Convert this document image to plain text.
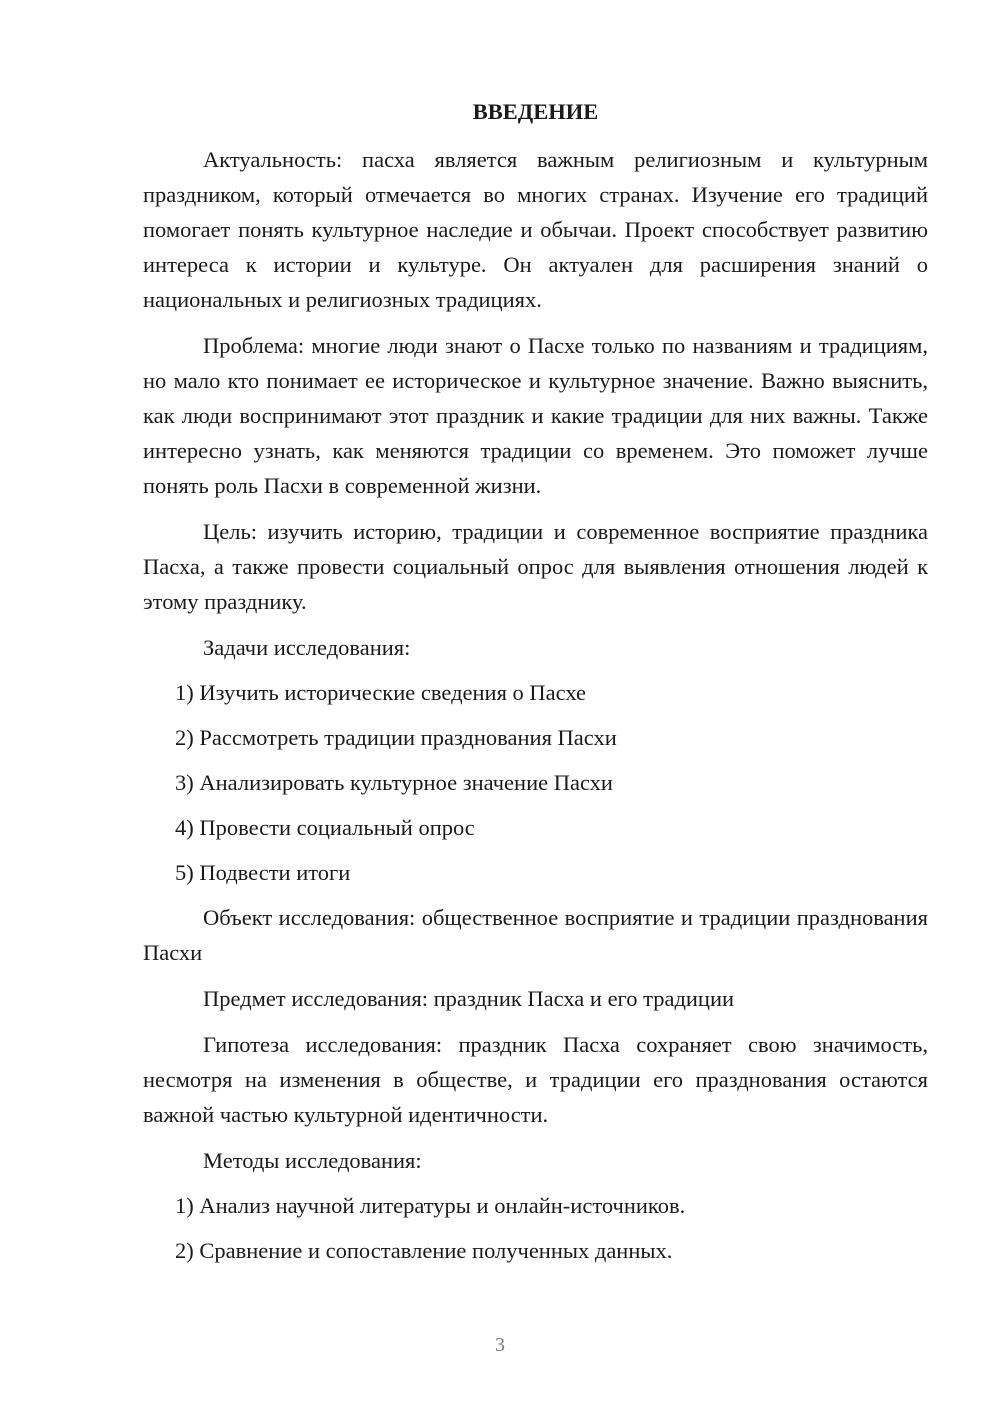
ВВЕДЕНИЕ

Актуальность: пасха является важным религиозным и культурным праздником, который отмечается во многих странах. Изучение его традиций помогает понять культурное наследие и обычаи. Проект способствует развитию интереса к истории и культуре. Он актуален для расширения знаний о национальных и религиозных традициях.

Проблема: многие люди знают о Пасхе только по названиям и традициям, но мало кто понимает ее историческое и культурное значение. Важно выяснить, как люди воспринимают этот праздник и какие традиции для них важны. Также интересно узнать, как меняются традиции со временем. Это поможет лучше понять роль Пасхи в современной жизни.

Цель: изучить историю, традиции и современное восприятие праздника Пасха, а также провести социальный опрос для выявления отношения людей к этому празднику.

Задачи исследования:

1) Изучить исторические сведения о Пасхе
2) Рассмотреть традиции празднования Пасхи
3) Анализировать культурное значение Пасхи
4) Провести социальный опрос
5) Подвести итоги

Объект исследования: общественное восприятие и традиции празднования Пасхи

Предмет исследования: праздник Пасха и его традиции

Гипотеза исследования: праздник Пасха сохраняет свою значимость, несмотря на изменения в обществе, и традиции его празднования остаются важной частью культурной идентичности.

Методы исследования:

1) Анализ научной литературы и онлайн-источников.
2) Сравнение и сопоставление полученных данных.
3
